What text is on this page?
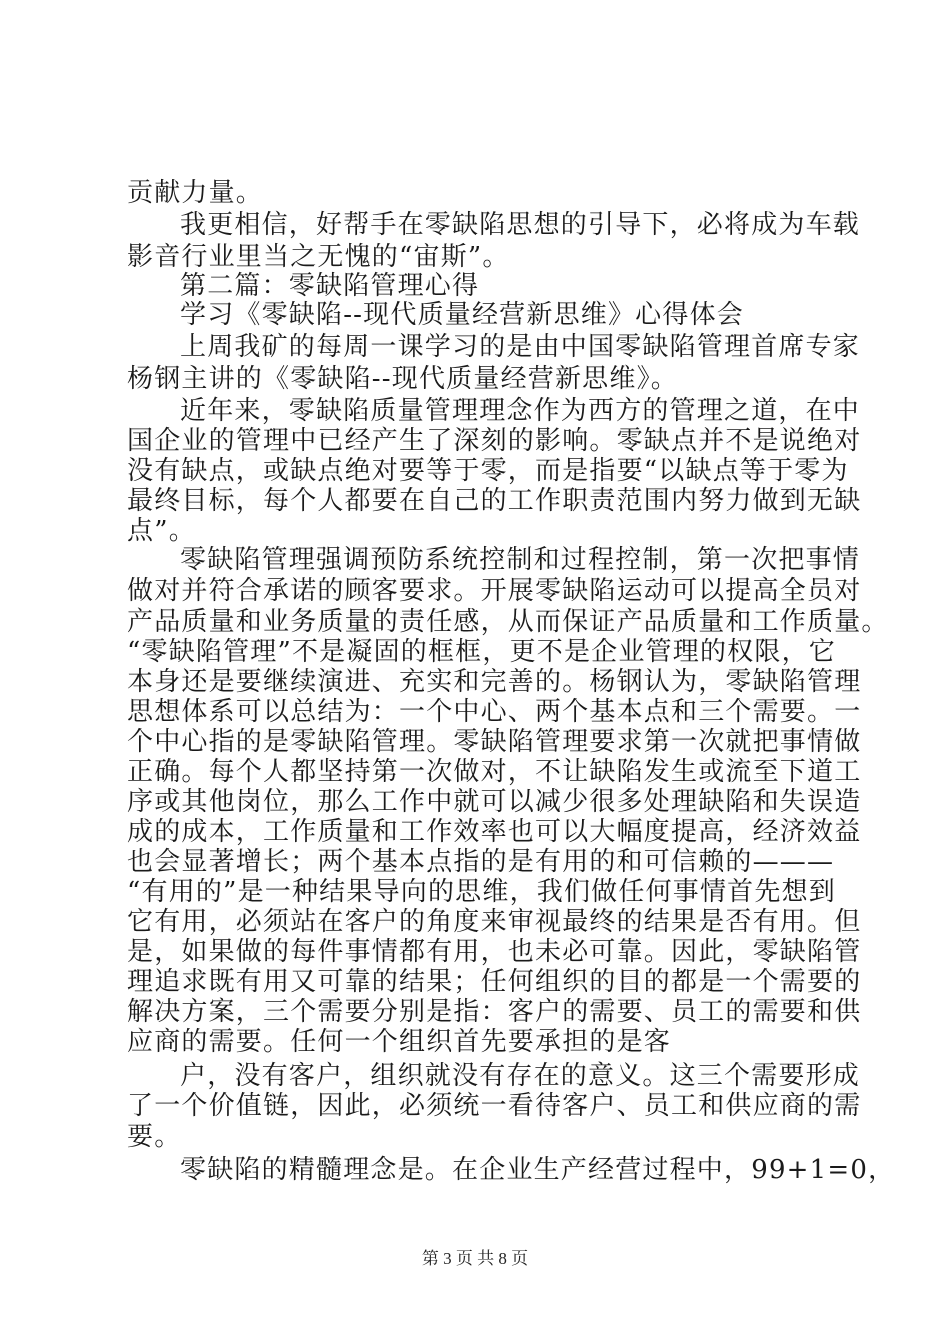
贡献力量。
我更相信，好帮手在零缺陷思想的引导下，必将成为车载
影音行业里当之无愧的“宙斯”。
第二篇：零缺陷管理心得
学习《零缺陷--现代质量经营新思维》心得体会
上周我矿的每周一课学习的是由中国零缺陷管理首席专家
杨钢主讲的《零缺陷--现代质量经营新思维》。
近年来，零缺陷质量管理理念作为西方的管理之道，在中
国企业的管理中已经产生了深刻的影响。零缺点并不是说绝对
没有缺点，或缺点绝对要等于零，而是指要“以缺点等于零为
最终目标，每个人都要在自己的工作职责范围内努力做到无缺
点”。
零缺陷管理强调预防系统控制和过程控制，第一次把事情
做对并符合承诺的顾客要求。开展零缺陷运动可以提高全员对
产品质量和业务质量的责任感，从而保证产品质量和工作质量。
“零缺陷管理”不是凝固的框框，更不是企业管理的权限，它
本身还是要继续演进、充实和完善的。杨钢认为，零缺陷管理
思想体系可以总结为：一个中心、两个基本点和三个需要。一
个中心指的是零缺陷管理。零缺陷管理要求第一次就把事情做
正确。每个人都坚持第一次做对，不让缺陷发生或流至下道工
序或其他岗位，那么工作中就可以减少很多处理缺陷和失误造
成的成本，工作质量和工作效率也可以大幅度提高，经济效益
也会显著增长；两个基本点指的是有用的和可信赖的———
“有用的”是一种结果导向的思维，我们做任何事情首先想到
它有用，必须站在客户的角度来审视最终的结果是否有用。但
是，如果做的每件事情都有用，也未必可靠。因此，零缺陷管
理追求既有用又可靠的结果；任何组织的目的都是一个需要的
解决方案，三个需要分别是指：客户的需要、员工的需要和供
应商的需要。任何一个组织首先要承担的是客
户，没有客户，组织就没有存在的意义。这三个需要形成
了一个价值链，因此，必须统一看待客户、员工和供应商的需
要。
零缺陷的精髓理念是。在企业生产经营过程中，99+1=0，
第 3 页 共 8 页
